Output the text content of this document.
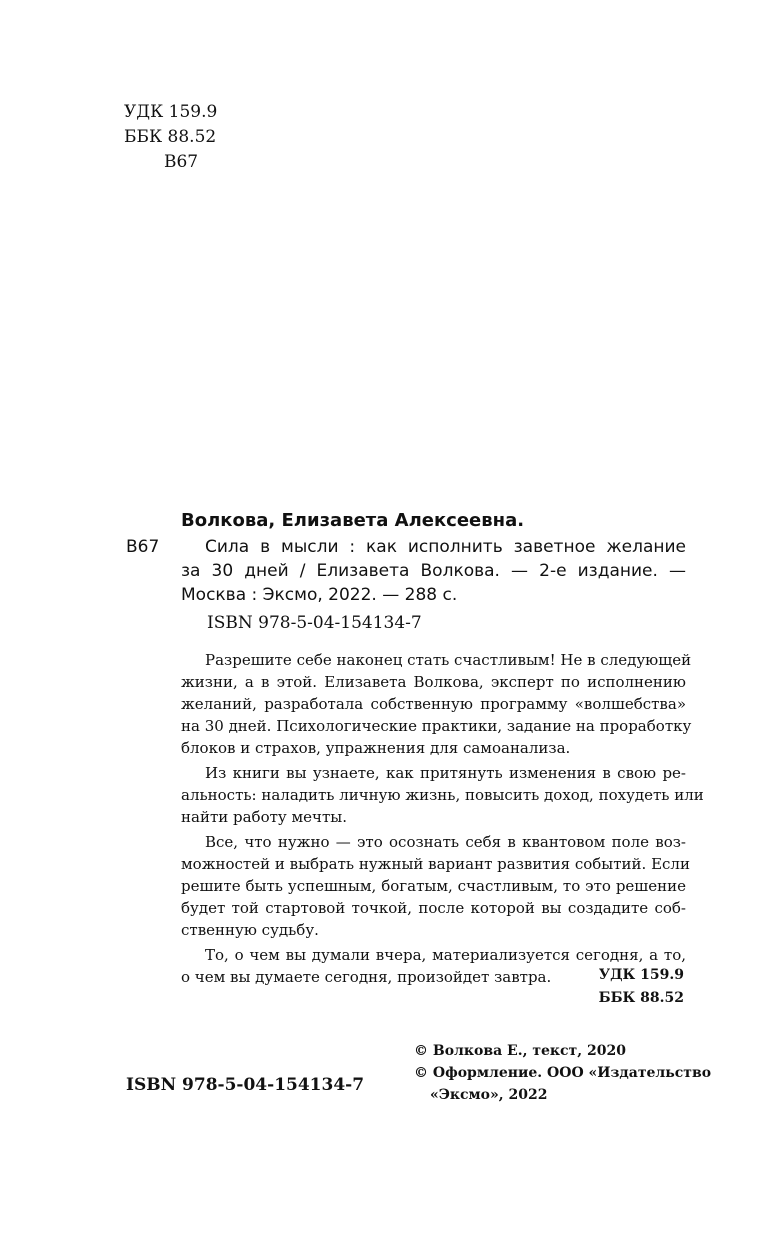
УДК 159.9
ББК 88.52
В67
Волкова, Елизавета Алексеевна.
В67	Сила в мысли : как исполнить заветное желание
за 30 дней / Елизавета Волкова. — 2-е издание. —
Москва : Эксмо, 2022. — 288 с.
ISBN 978-5-04-154134-7
Разрешите себе наконец стать счастливым! Не в следующей
жизни, а в этой. Елизавета Волкова, эксперт по исполнению
желаний, разработала собственную программу «волшебства»
на 30 дней. Психологические практики, задание на проработку
блоков и страхов, упражнения для самоанализа.
Из книги вы узнаете, как притянуть изменения в свою ре-
альность: наладить личную жизнь, повысить доход, похудеть или
найти работу мечты.
Все, что нужно — это осознать себя в квантовом поле воз-
можностей и выбрать нужный вариант развития событий. Если
решите быть успешным, богатым, счастливым, то это решение
будет той стартовой точкой, после которой вы создадите соб-
ственную судьбу.
То, о чем вы думали вчера, материализуется сегодня, а то,
о чем вы думаете сегодня, произойдет завтра.	УДК 159.9
ББК 88.52
ISBN 978-5-04-154134-7
© Волкова Е., текст, 2020
© Оформление. ООО «Издательство
«Эксмо», 2022
